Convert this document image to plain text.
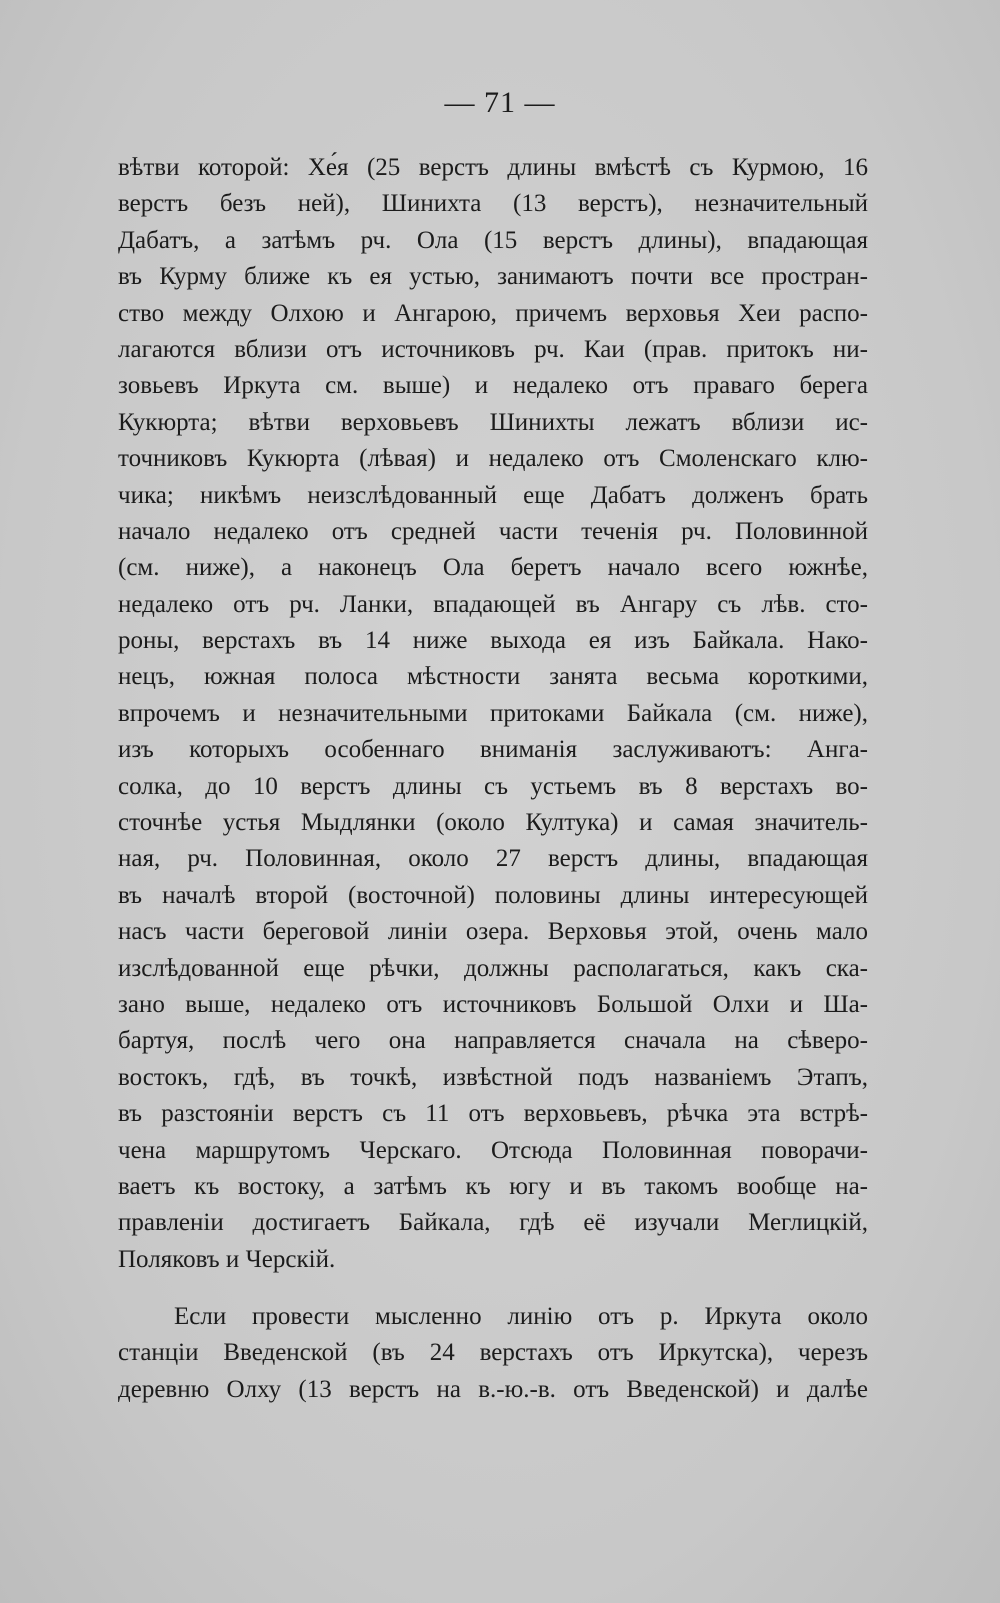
— 71 —
вѣтви которой: Хе́я (25 верстъ длины вмѣстѣ съ Курмою, 16
верстъ безъ ней), Шинихта (13 верстъ), незначительный
Дабатъ, а затѣмъ рч. Ола (15 верстъ длины), впадающая
въ Курму ближе къ ея устью, занимаютъ почти все простран-
ство между Олхою и Ангарою, причемъ верховья Хеи распо-
лагаются вблизи отъ источниковъ рч. Каи (прав. притокъ ни-
зовьевъ Иркута см. выше) и недалеко отъ праваго берега
Кукюрта; вѣтви верховьевъ Шинихты лежатъ вблизи ис-
точниковъ Кукюрта (лѣвая) и недалеко отъ Смоленскаго клю-
чика; никѣмъ неизслѣдованный еще Дабатъ долженъ брать
начало недалеко отъ средней части теченія рч. Половинной
(см. ниже), а наконецъ Ола беретъ начало всего южнѣе,
недалеко отъ рч. Ланки, впадающей въ Ангару съ лѣв. сто-
роны, верстахъ въ 14 ниже выхода ея изъ Байкала. Нако-
нецъ, южная полоса мѣстности занята весьма короткими,
впрочемъ и незначительными притоками Байкала (см. ниже),
изъ которыхъ особеннаго вниманія заслуживаютъ: Анга-
солка, до 10 верстъ длины съ устьемъ въ 8 верстахъ во-
сточнѣе устья Мыдлянки (около Култука) и самая значитель-
ная, рч. Половинная, около 27 верстъ длины, впадающая
въ началѣ второй (восточной) половины длины интересующей
насъ части береговой линіи озера. Верховья этой, очень мало
изслѣдованной еще рѣчки, должны располагаться, какъ ска-
зано выше, недалеко отъ источниковъ Большой Олхи и Ша-
бартуя, послѣ чего она направляется сначала на сѣверо-
востокъ, гдѣ, въ точкѣ, извѣстной подъ названіемъ Этапъ,
въ разстояніи верстъ съ 11 отъ верховьевъ, рѣчка эта встрѣ-
чена маршрутомъ Черскаго. Отсюда Половинная поворачи-
ваетъ къ востоку, а затѣмъ къ югу и въ такомъ вообще на-
правленіи достигаетъ Байкала, гдѣ её изучали Меглицкій,
Поляковъ и Черскій.
Если провести мысленно линію отъ р. Иркута около
станціи Введенской (въ 24 верстахъ отъ Иркутска), черезъ
деревню Олху (13 верстъ на в.-ю.-в. отъ Введенской) и далѣе
